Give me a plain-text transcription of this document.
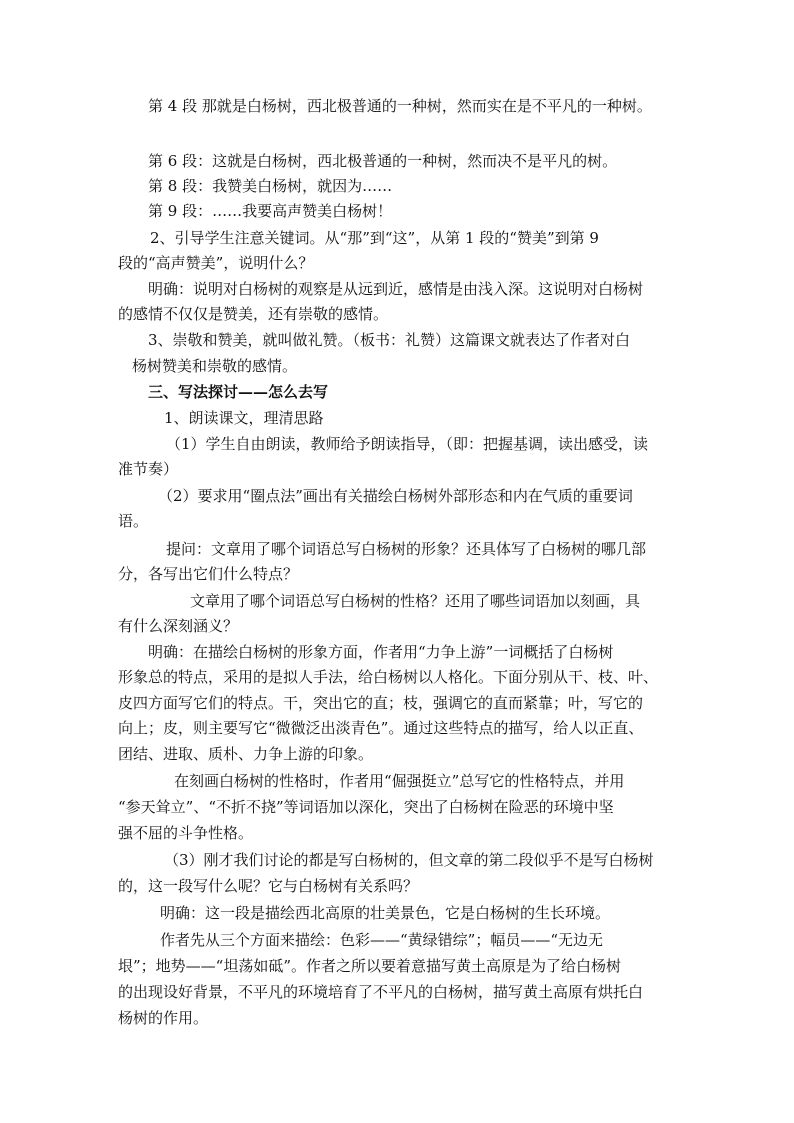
第 4 段 那就是白杨树，西北极普通的一种树，然而实在是不平凡的一种树。
第 6 段：这就是白杨树，西北极普通的一种树，然而决不是平凡的树。
第 8 段：我赞美白杨树，就因为……
第 9 段：……我要高声赞美白杨树！
2、引导学生注意关键词。从“那”到“这”，从第 1 段的“赞美”到第 9
段的“高声赞美”，说明什么？
明确：说明对白杨树的观察是从远到近，感情是由浅入深。这说明对白杨树
的感情不仅仅是赞美，还有崇敬的感情。
3、崇敬和赞美，就叫做礼赞。（板书：礼赞）这篇课文就表达了作者对白
杨树赞美和崇敬的感情。
三、写法探讨——怎么去写
1、朗读课文，理清思路
（1）学生自由朗读，教师给予朗读指导，（即：把握基调，读出感受，读
准节奏）
（2）要求用“圈点法”画出有关描绘白杨树外部形态和内在气质的重要词
语。
提问：文章用了哪个词语总写白杨树的形象？还具体写了白杨树的哪几部
分，各写出它们什么特点？
文章用了哪个词语总写白杨树的性格？还用了哪些词语加以刻画，具
有什么深刻涵义？
明确：在描绘白杨树的形象方面，作者用“力争上游”一词概括了白杨树
形象总的特点，采用的是拟人手法，给白杨树以人格化。下面分别从干、枝、叶、
皮四方面写它们的特点。干，突出它的直；枝，强调它的直而紧靠；叶，写它的
向上；皮，则主要写它“微微泛出淡青色”。通过这些特点的描写，给人以正直、
团结、进取、质朴、力争上游的印象。
在刻画白杨树的性格时，作者用“倔强挺立”总写它的性格特点，并用
“参天耸立”、“不折不挠”等词语加以深化，突出了白杨树在险恶的环境中坚
强不屈的斗争性格。
（3）刚才我们讨论的都是写白杨树的，但文章的第二段似乎不是写白杨树
的，这一段写什么呢？它与白杨树有关系吗？
明确：这一段是描绘西北高原的壮美景色，它是白杨树的生长环境。
作者先从三个方面来描绘：色彩——“黄绿错综”；幅员——“无边无
垠”；地势——“坦荡如砥”。作者之所以要着意描写黄土高原是为了给白杨树
的出现设好背景，不平凡的环境培育了不平凡的白杨树，描写黄土高原有烘托白
杨树的作用。
